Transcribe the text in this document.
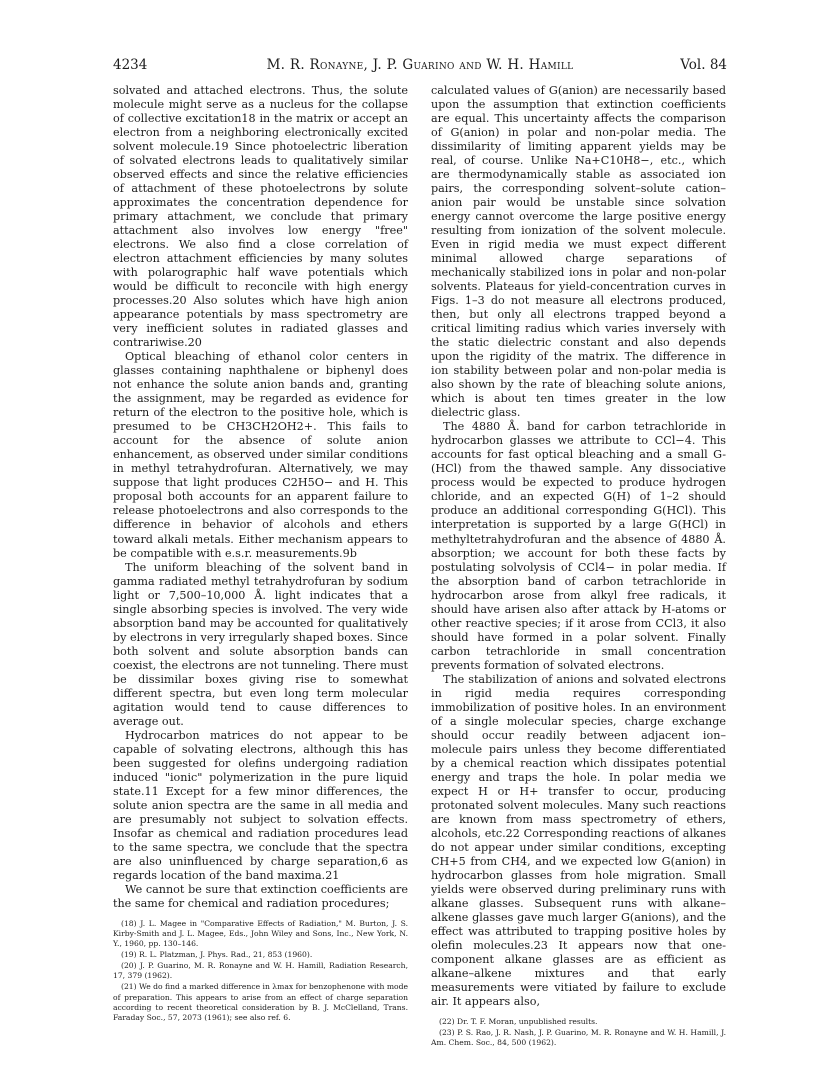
4234	M. R. Ronayne, J. P. Guarino and W. H. Hamill	Vol. 84

solvated and attached electrons. Thus, the solute molecule might serve as a nucleus for the collapse of collective excitation18 in the matrix or accept an electron from a neighboring electronically excited solvent molecule.19 Since photoelectric liberation of solvated electrons leads to qualitatively similar observed effects and since the relative efficiencies of attachment of these photoelectrons by solute approximates the concentration dependence for primary attachment, we conclude that primary attachment also involves low energy "free" electrons. We also find a close correlation of electron attachment efficiencies by many solutes with polarographic half wave potentials which would be difficult to reconcile with high energy processes.20 Also solutes which have high anion appearance potentials by mass spectrometry are very inefficient solutes in radiated glasses and contrariwise.20

Optical bleaching of ethanol color centers in glasses containing naphthalene or biphenyl does not enhance the solute anion bands and, granting the assignment, may be regarded as evidence for return of the electron to the positive hole, which is presumed to be CH3CH2OH2+. This fails to account for the absence of solute anion enhancement, as observed under similar conditions in methyl tetrahydrofuran. Alternatively, we may suppose that light produces C2H5O− and H. This proposal both accounts for an apparent failure to release photoelectrons and also corresponds to the difference in behavior of alcohols and ethers toward alkali metals. Either mechanism appears to be compatible with e.s.r. measurements.9b

The uniform bleaching of the solvent band in gamma radiated methyl tetrahydrofuran by sodium light or 7,500–10,000 Å. light indicates that a single absorbing species is involved. The very wide absorption band may be accounted for qualitatively by electrons in very irregularly shaped boxes. Since both solvent and solute absorption bands can coexist, the electrons are not tunneling. There must be dissimilar boxes giving rise to somewhat different spectra, but even long term molecular agitation would tend to cause differences to average out.

Hydrocarbon matrices do not appear to be capable of solvating electrons, although this has been suggested for olefins undergoing radiation induced "ionic" polymerization in the pure liquid state.11 Except for a few minor differences, the solute anion spectra are the same in all media and are presumably not subject to solvation effects. Insofar as chemical and radiation procedures lead to the same spectra, we conclude that the spectra are also uninfluenced by charge separation,6 as regards location of the band maxima.21

We cannot be sure that extinction coefficients are the same for chemical and radiation procedures;

(18) J. L. Magee in "Comparative Effects of Radiation," M. Burton, J. S. Kirby-Smith and J. L. Magee, Eds., John Wiley and Sons, Inc., New York, N. Y., 1960, pp. 130–146.

(19) R. L. Platzman, J. Phys. Rad., 21, 853 (1960).

(20) J. P. Guarino, M. R. Ronayne and W. H. Hamill, Radiation Research, 17, 379 (1962).

(21) We do find a marked difference in λmax for benzophenone with mode of preparation. This appears to arise from an effect of charge separation according to recent theoretical consideration by B. J. McClelland, Trans. Faraday Soc., 57, 2073 (1961); see also ref. 6.

calculated values of G(anion) are necessarily based upon the assumption that extinction coefficients are equal. This uncertainty affects the comparison of G(anion) in polar and non-polar media. The dissimilarity of limiting apparent yields may be real, of course. Unlike Na+C10H8−, etc., which are thermodynamically stable as associated ion pairs, the corresponding solvent–solute cation–anion pair would be unstable since solvation energy cannot overcome the large positive energy resulting from ionization of the solvent molecule. Even in rigid media we must expect different minimal allowed charge separations of mechanically stabilized ions in polar and non-polar solvents. Plateaus for yield-concentration curves in Figs. 1–3 do not measure all electrons produced, then, but only all electrons trapped beyond a critical limiting radius which varies inversely with the static dielectric constant and also depends upon the rigidity of the matrix. The difference in ion stability between polar and non-polar media is also shown by the rate of bleaching solute anions, which is about ten times greater in the low dielectric glass.

The 4880 Å. band for carbon tetrachloride in hydrocarbon glasses we attribute to CCl−4. This accounts for fast optical bleaching and a small G-(HCl) from the thawed sample. Any dissociative process would be expected to produce hydrogen chloride, and an expected G(H) of 1–2 should produce an additional corresponding G(HCl). This interpretation is supported by a large G(HCl) in methyltetrahydrofuran and the absence of 4880 Å. absorption; we account for both these facts by postulating solvolysis of CCl4− in polar media. If the absorption band of carbon tetrachloride in hydrocarbon arose from alkyl free radicals, it should have arisen also after attack by H-atoms or other reactive species; if it arose from CCl3, it also should have formed in a polar solvent. Finally carbon tetrachloride in small concentration prevents formation of solvated electrons.

The stabilization of anions and solvated electrons in rigid media requires corresponding immobilization of positive holes. In an environment of a single molecular species, charge exchange should occur readily between adjacent ion–molecule pairs unless they become differentiated by a chemical reaction which dissipates potential energy and traps the hole. In polar media we expect H or H+ transfer to occur, producing protonated solvent molecules. Many such reactions are known from mass spectrometry of ethers, alcohols, etc.22 Corresponding reactions of alkanes do not appear under similar conditions, excepting CH+5 from CH4, and we expected low G(anion) in hydrocarbon glasses from hole migration. Small yields were observed during preliminary runs with alkane glasses. Subsequent runs with alkane–alkene glasses gave much larger G(anions), and the effect was attributed to trapping positive holes by olefin molecules.23 It appears now that one-component alkane glasses are as efficient as alkane–alkene mixtures and that early measurements were vitiated by failure to exclude air. It appears also,

(22) Dr. T. F. Moran, unpublished results.

(23) P. S. Rao, J. R. Nash, J. P. Guarino, M. R. Ronayne and W. H. Hamill, J. Am. Chem. Soc., 84, 500 (1962).
